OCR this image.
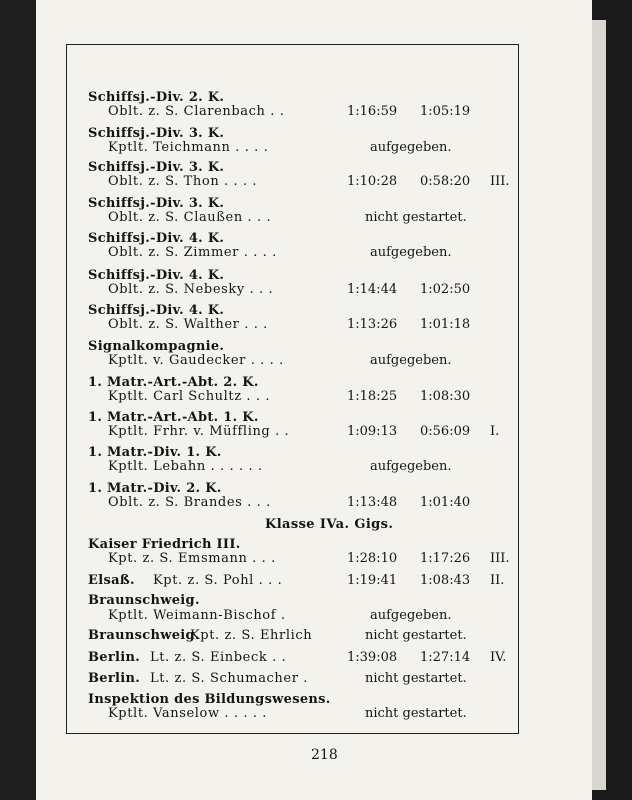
Schiffsj.-Div. 2. K.
Oblt. z. S. Clarenbach . .	1:16:59 1:05:19
Schiffsj.-Div. 3. K.
Kptlt. Teichmann . . . .	aufgegeben.
Schiffsj.-Div. 3. K.
Oblt. z. S. Thon . . . .	1:10:28 0:58:20 III.
Schiffsj.-Div. 3. K.
Oblt. z. S. Claußen . . .	nicht gestartet.
Schiffsj.-Div. 4. K.
Oblt. z. S. Zimmer . . . .	aufgegeben.
Schiffsj.-Div. 4. K.
Oblt. z. S. Nebesky . . .	1:14:44 1:02:50
Schiffsj.-Div. 4. K.
Oblt. z. S. Walther . . .	1:13:26 1:01:18
Signalkompagnie.
Kptlt. v. Gaudecker . . . .	aufgegeben.
1. Matr.-Art.-Abt. 2. K.
Kptlt. Carl Schultz . . .	1:18:25 1:08:30
1. Matr.-Art.-Abt. 1. K.
Kptlt. Frhr. v. Müffling . .	1:09:13 0:56:09 I.
1. Matr.-Div. 1. K.
Kptlt. Lebahn . . . . . .	aufgegeben.
1. Matr.-Div. 2. K.
Oblt. z. S. Brandes . . .	1:13:48 1:01:40
Kaiser Friedrich III.
Kpt. z. S. Emsmann . . .	1:28:10 1:17:26 III.
Elsaß. Kpt. z. S. Pohl . . .	1:19:41 1:08:43 II.
Braunschweig.
Kptlt. Weimann-Bischof .	aufgegeben.
Braunschweig.
Kpt. z. S. Ehrlich	nicht gestartet.
Berlin. Lt. z. S. Einbeck . .	1:39:08 1:27:14 IV.
Berlin. Lt. z. S. Schumacher .	nicht gestartet.
Inspektion des Bildungswesens.
Kptlt. Vanselow . . . . .	nicht gestartet.
Klasse IVa. Gigs.
218
